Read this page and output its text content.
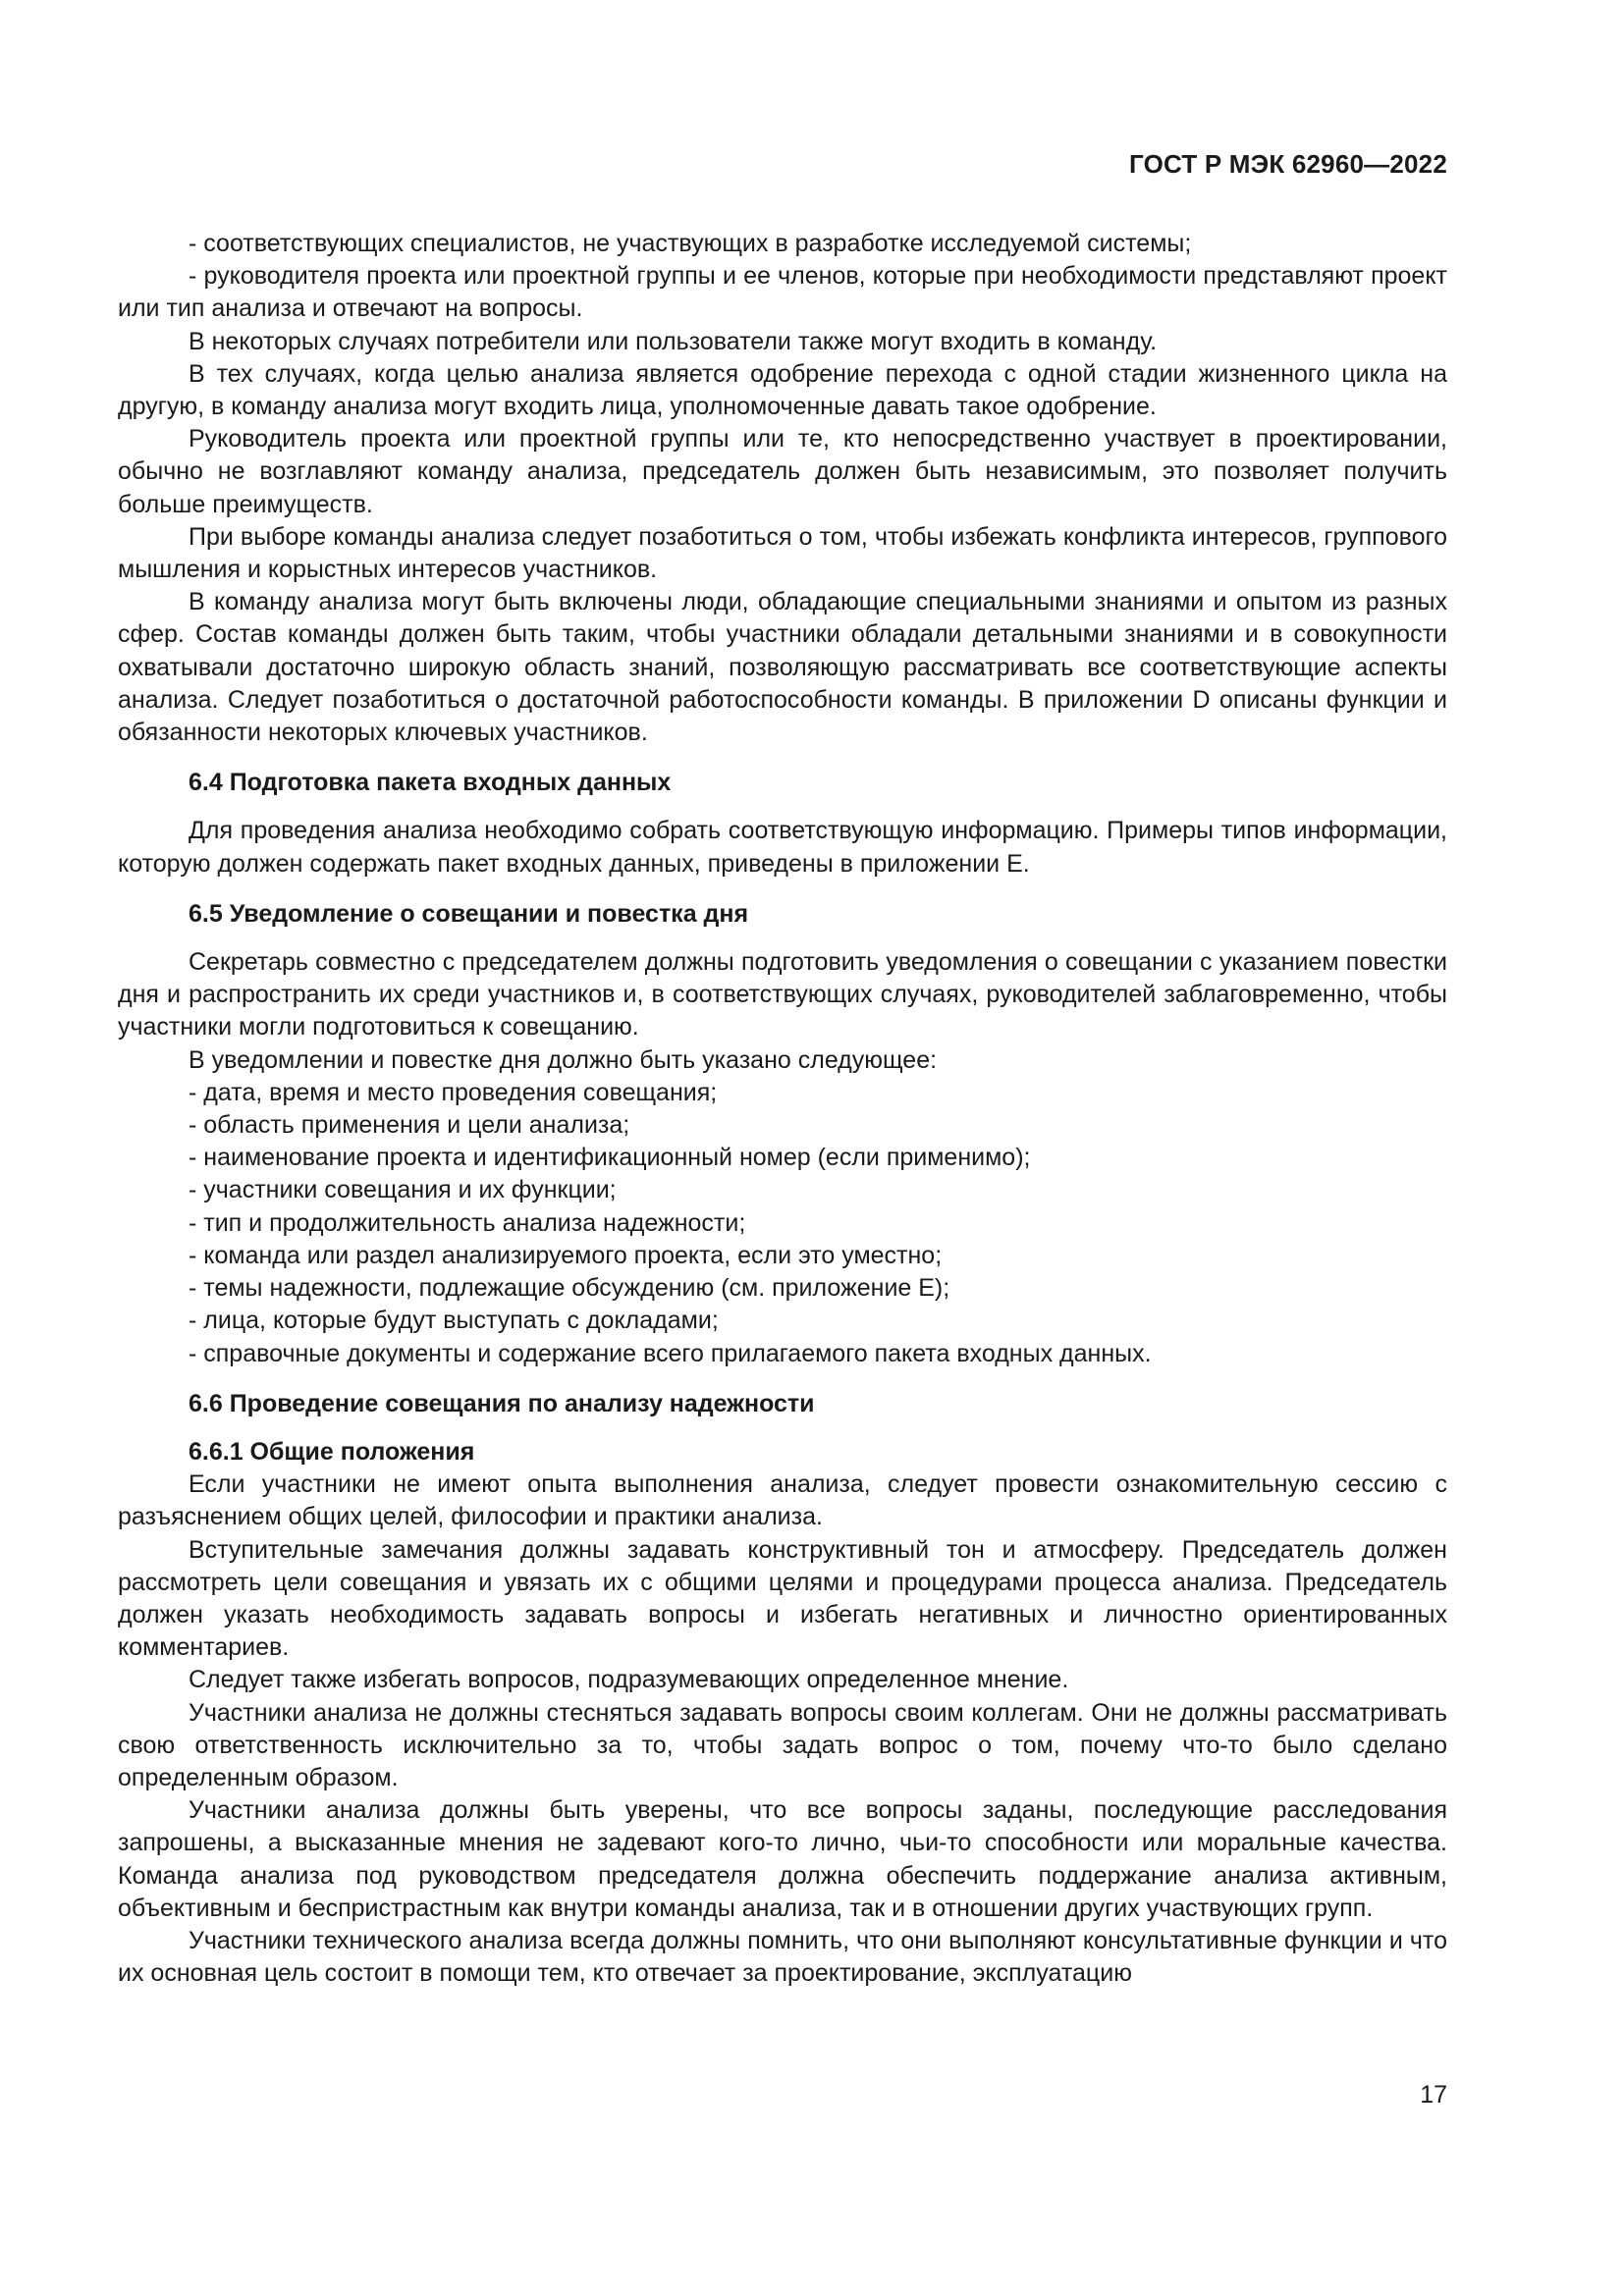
ГОСТ Р МЭК 62960—2022

- соответствующих специалистов, не участвующих в разработке исследуемой системы;

- руководителя проекта или проектной группы и ее членов, которые при необходимости представляют проект или тип анализа и отвечают на вопросы.

В некоторых случаях потребители или пользователи также могут входить в команду.

В тех случаях, когда целью анализа является одобрение перехода с одной стадии жизненного цикла на другую, в команду анализа могут входить лица, уполномоченные давать такое одобрение.

Руководитель проекта или проектной группы или те, кто непосредственно участвует в проектировании, обычно не возглавляют команду анализа, председатель должен быть независимым, это позволяет получить больше преимуществ.

При выборе команды анализа следует позаботиться о том, чтобы избежать конфликта интересов, группового мышления и корыстных интересов участников.

В команду анализа могут быть включены люди, обладающие специальными знаниями и опытом из разных сфер. Состав команды должен быть таким, чтобы участники обладали детальными знаниями и в совокупности охватывали достаточно широкую область знаний, позволяющую рассматривать все соответствующие аспекты анализа. Следует позаботиться о достаточной работоспособности команды. В приложении D описаны функции и обязанности некоторых ключевых участников.

6.4 Подготовка пакета входных данных

Для проведения анализа необходимо собрать соответствующую информацию. Примеры типов информации, которую должен содержать пакет входных данных, приведены в приложении Е.

6.5 Уведомление о совещании и повестка дня

Секретарь совместно с председателем должны подготовить уведомления о совещании с указанием повестки дня и распространить их среди участников и, в соответствующих случаях, руководителей заблаговременно, чтобы участники могли подготовиться к совещанию.

В уведомлении и повестке дня должно быть указано следующее:

- дата, время и место проведения совещания;

- область применения и цели анализа;

- наименование проекта и идентификационный номер (если применимо);

- участники совещания и их функции;

- тип и продолжительность анализа надежности;

- команда или раздел анализируемого проекта, если это уместно;

- темы надежности, подлежащие обсуждению (см. приложение Е);

- лица, которые будут выступать с докладами;

- справочные документы и содержание всего прилагаемого пакета входных данных.

6.6 Проведение совещания по анализу надежности

6.6.1 Общие положения

Если участники не имеют опыта выполнения анализа, следует провести ознакомительную сессию с разъяснением общих целей, философии и практики анализа.

Вступительные замечания должны задавать конструктивный тон и атмосферу. Председатель должен рассмотреть цели совещания и увязать их с общими целями и процедурами процесса анализа. Председатель должен указать необходимость задавать вопросы и избегать негативных и личностно ориентированных комментариев.

Следует также избегать вопросов, подразумевающих определенное мнение.

Участники анализа не должны стесняться задавать вопросы своим коллегам. Они не должны рассматривать свою ответственность исключительно за то, чтобы задать вопрос о том, почему что-то было сделано определенным образом.

Участники анализа должны быть уверены, что все вопросы заданы, последующие расследования запрошены, а высказанные мнения не задевают кого-то лично, чьи-то способности или моральные качества. Команда анализа под руководством председателя должна обеспечить поддержание анализа активным, объективным и беспристрастным как внутри команды анализа, так и в отношении других участвующих групп.

Участники технического анализа всегда должны помнить, что они выполняют консультативные функции и что их основная цель состоит в помощи тем, кто отвечает за проектирование, эксплуатацию

17
